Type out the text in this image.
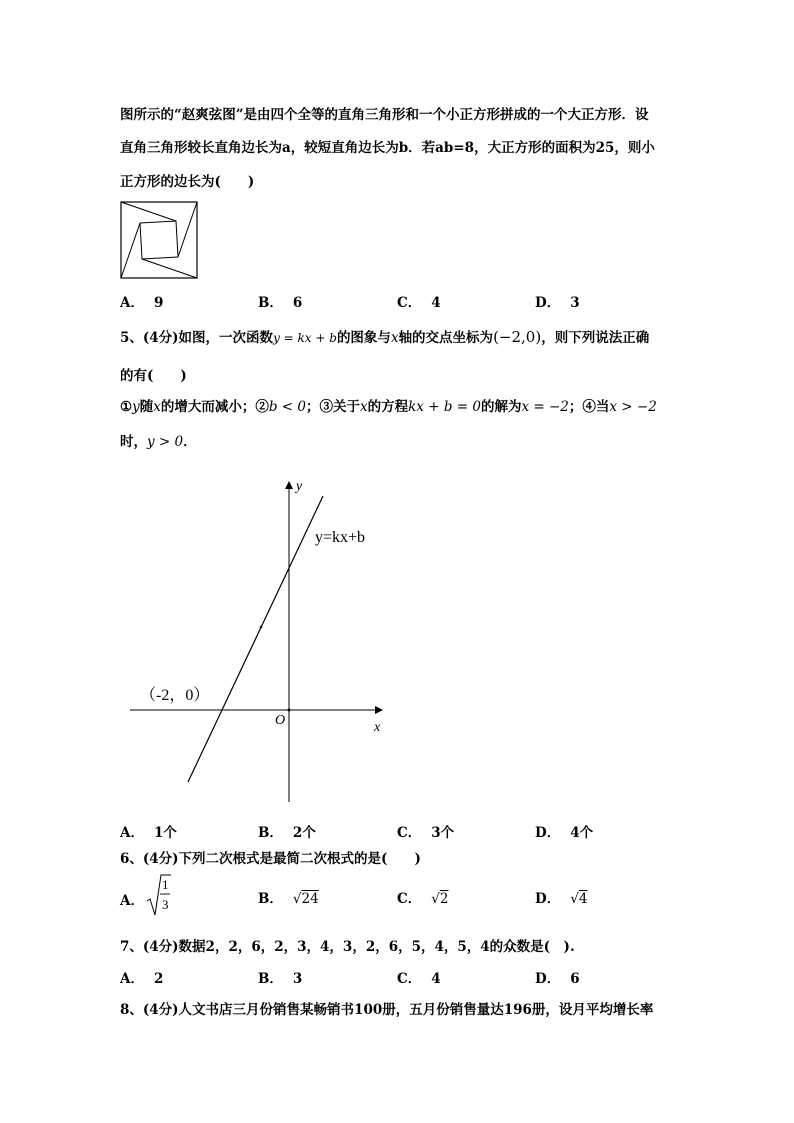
图所示的“赵爽弦图”是由四个全等的直角三角形和一个小正方形拼成的一个大正方形．设
直角三角形较长直角边长为a，较短直角边长为b．若ab=8，大正方形的面积为25，则小
正方形的边长为(　　)
A． 9	B． 6	C． 4	D． 3
5、(4分)如图，一次函数y = kx + b的图象与x轴的交点坐标为(−2,0)，则下列说法正确
的有(　　)
①y随x的增大而减小；②b < 0；③关于x的方程kx + b = 0的解为x = −2；④当x > −2
时，y > 0．
y
x
O
y=kx+b
（-2，0）
A． 1个	B． 2个	C． 3个	D． 4个
6、(4分)下列二次根式是最简二次根式的是(　　)
A．
1
3	B． √24	C． √2	D． √4
7、(4分)数据2，2，6，2，3，4，3，2，6，5，4，5，4的众数是(　).
A． 2	B． 3	C． 4	D． 6
8、(4分)人文书店三月份销售某畅销书100册，五月份销售量达196册，设月平均增长率
